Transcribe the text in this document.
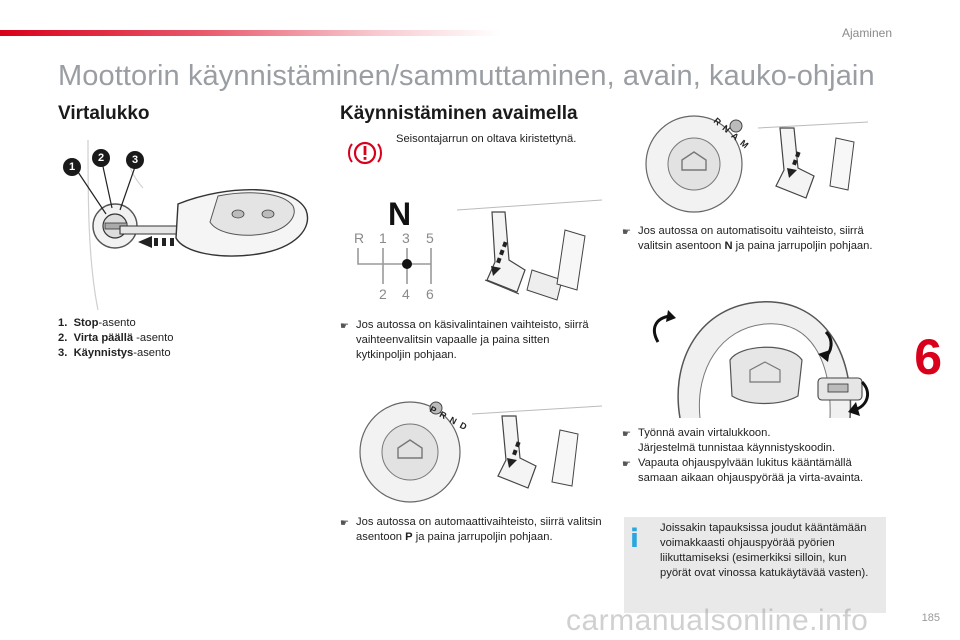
Ajaminen
Moottorin käynnistäminen/sammuttaminen, avain, kauko-ohjain
Virtalukko
1
2	3
1. Stop-asento
2. Virta päällä -asento
3. Käynnistys-asento
Käynnistäminen avaimella
Seisontajarrun on oltava kiristettynä.
N
R 1 3 5
2 4 6
☛ Jos autossa on käsivalintainen vaihteisto, siirrä vaihteenvalitsin vapaalle ja paina sitten kytkinpoljin pohjaan.
P  R  N  D
☛ Jos autossa on automaattivaihteisto, siirrä valitsin asentoon P ja paina jarrupoljin pohjaan.
R  N  A  M
☛ Jos autossa on automatisoitu vaihteisto, siirrä valitsin asentoon N ja paina jarrupoljin pohjaan.
☛ Työnnä avain virtalukkoon.
Järjestelmä tunnistaa käynnistyskoodin.
☛ Vapauta ohjauspylvään lukitus kääntämällä samaan aikaan ohjauspyörää ja virta-avainta.
i	Joissakin tapauksissa joudut kääntämään voimakkaasti ohjauspyörää pyörien liikuttamiseksi (esimerkiksi silloin, kun pyörät ovat vinossa katukäytävää vasten).
6
carmanualsonline.info	185
